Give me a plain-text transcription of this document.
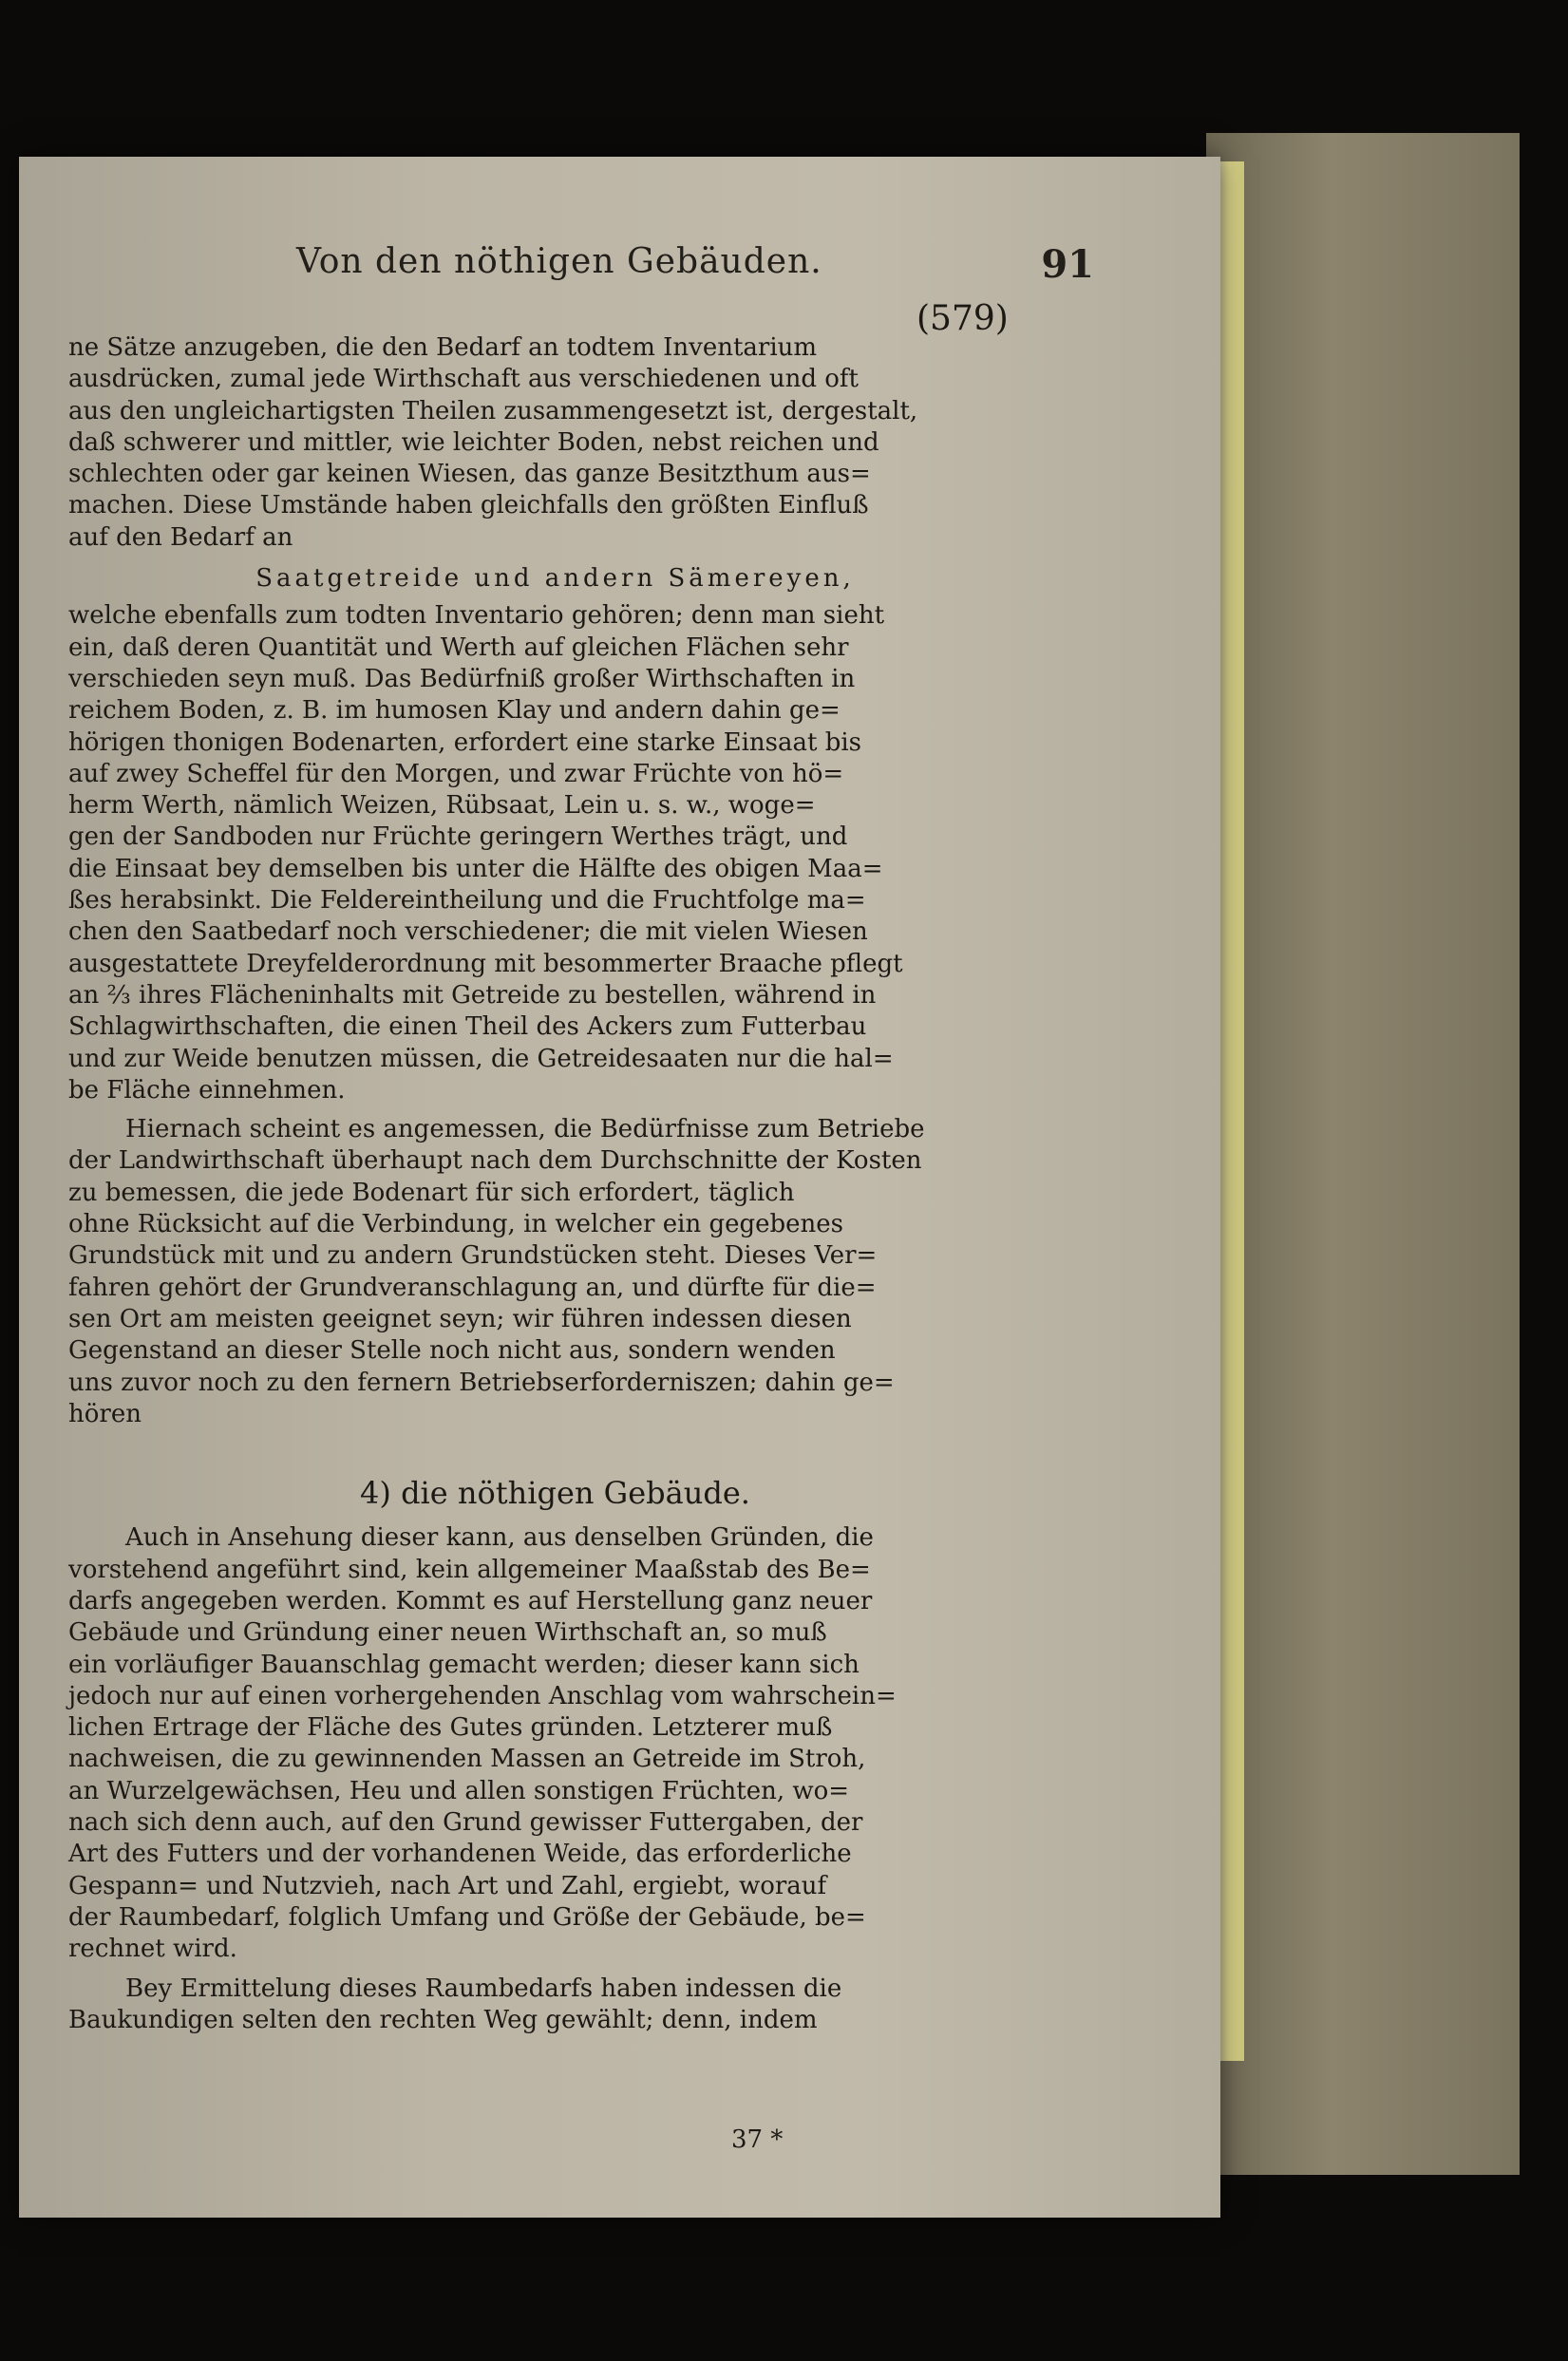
Von den nöthigen Gebäuden.	91
(579)
ne Sätze anzugeben, die den Bedarf an todtem Inventarium
ausdrücken, zumal jede Wirthschaft aus verschiedenen und oft
aus den ungleichartigsten Theilen zusammengesetzt ist, dergestalt,
daß schwerer und mittler, wie leichter Boden, nebst reichen und
schlechten oder gar keinen Wiesen, das ganze Besitzthum aus=
machen. Diese Umstände haben gleichfalls den größten Einfluß
auf den Bedarf an
Saatgetreide und andern Sämereyen,
welche ebenfalls zum todten Inventario gehören; denn man sieht
ein, daß deren Quantität und Werth auf gleichen Flächen sehr
verschieden seyn muß. Das Bedürfniß großer Wirthschaften in
reichem Boden, z. B. im humosen Klay und andern dahin ge=
hörigen thonigen Bodenarten, erfordert eine starke Einsaat bis
auf zwey Scheffel für den Morgen, und zwar Früchte von hö=
herm Werth, nämlich Weizen, Rübsaat, Lein u. s. w., woge=
gen der Sandboden nur Früchte geringern Werthes trägt, und
die Einsaat bey demselben bis unter die Hälfte des obigen Maa=
ßes herabsinkt. Die Feldereintheilung und die Fruchtfolge ma=
chen den Saatbedarf noch verschiedener; die mit vielen Wiesen
ausgestattete Dreyfelderordnung mit besommerter Braache pflegt
an ⅔ ihres Flächeninhalts mit Getreide zu bestellen, während in
Schlagwirthschaften, die einen Theil des Ackers zum Futterbau
und zur Weide benutzen müssen, die Getreidesaaten nur die hal=
be Fläche einnehmen.
Hiernach scheint es angemessen, die Bedürfnisse zum Betriebe
der Landwirthschaft überhaupt nach dem Durchschnitte der Kosten
zu bemessen, die jede Bodenart für sich erfordert, täglich
ohne Rücksicht auf die Verbindung, in welcher ein gegebenes
Grundstück mit und zu andern Grundstücken steht. Dieses Ver=
fahren gehört der Grundveranschlagung an, und dürfte für die=
sen Ort am meisten geeignet seyn; wir führen indessen diesen
Gegenstand an dieser Stelle noch nicht aus, sondern wenden
uns zuvor noch zu den fernern Betriebserforderniszen; dahin ge=
hören
4) die nöthigen Gebäude.
Auch in Ansehung dieser kann, aus denselben Gründen, die
vorstehend angeführt sind, kein allgemeiner Maaßstab des Be=
darfs angegeben werden. Kommt es auf Herstellung ganz neuer
Gebäude und Gründung einer neuen Wirthschaft an, so muß
ein vorläufiger Bauanschlag gemacht werden; dieser kann sich
jedoch nur auf einen vorhergehenden Anschlag vom wahrschein=
lichen Ertrage der Fläche des Gutes gründen. Letzterer muß
nachweisen, die zu gewinnenden Massen an Getreide im Stroh,
an Wurzelgewächsen, Heu und allen sonstigen Früchten, wo=
nach sich denn auch, auf den Grund gewisser Futtergaben, der
Art des Futters und der vorhandenen Weide, das erforderliche
Gespann= und Nutzvieh, nach Art und Zahl, ergiebt, worauf
der Raumbedarf, folglich Umfang und Größe der Gebäude, be=
rechnet wird.
Bey Ermittelung dieses Raumbedarfs haben indessen die
Baukundigen selten den rechten Weg gewählt; denn, indem
37 *
